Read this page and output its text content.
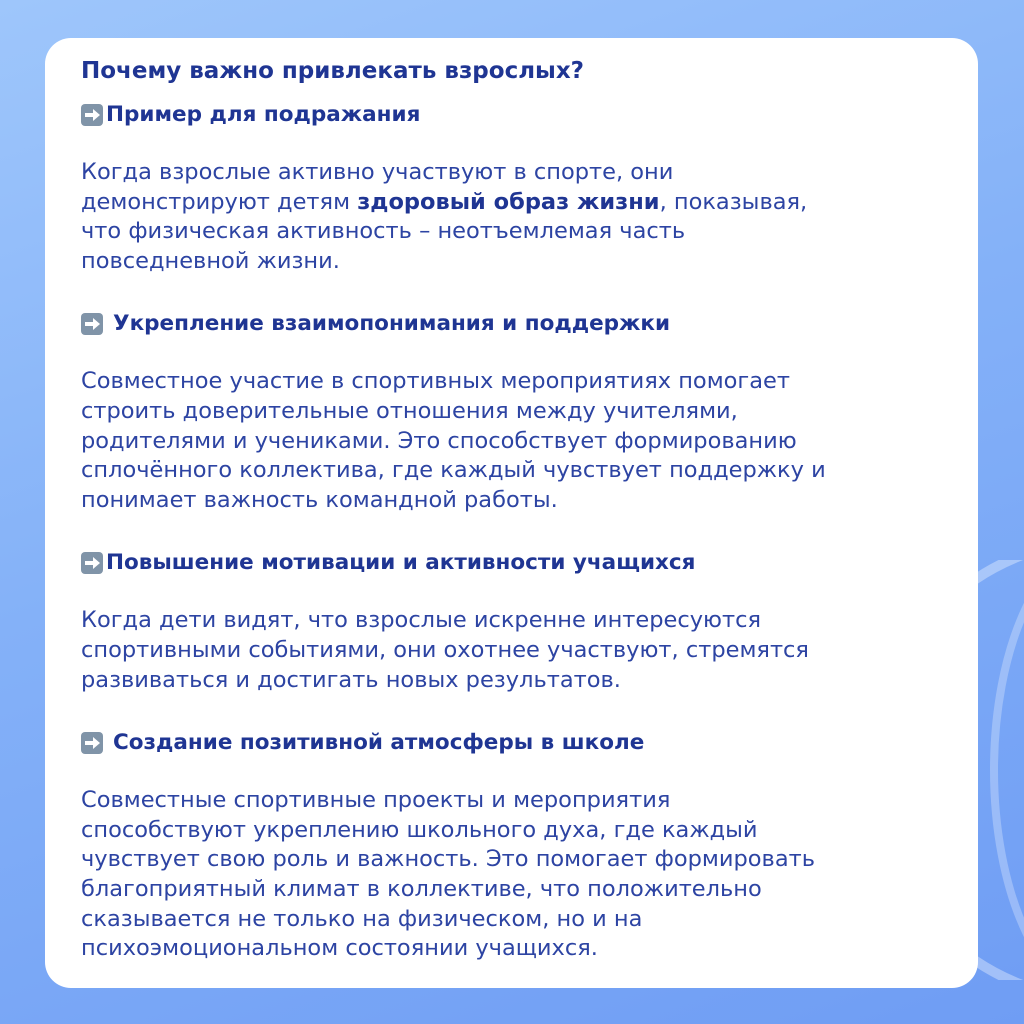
Почему важно привлекать взрослых?
Пример для подражания

Когда взрослые активно участвуют в спорте, они
демонстрируют детям здоровый образ жизни, показывая,
что физическая активность – неотъемлемая часть
повседневной жизни.

Укрепление взаимопонимания и поддержки

Совместное участие в спортивных мероприятиях помогает
строить доверительные отношения между учителями,
родителями и учениками. Это способствует формированию
сплочённого коллектива, где каждый чувствует поддержку и
понимает важность командной работы.

Повышение мотивации и активности учащихся

Когда дети видят, что взрослые искренне интересуются
спортивными событиями, они охотнее участвуют, стремятся
развиваться и достигать новых результатов.

Создание позитивной атмосферы в школе

Совместные спортивные проекты и мероприятия
способствуют укреплению школьного духа, где каждый
чувствует свою роль и важность. Это помогает формировать
благоприятный климат в коллективе, что положительно
сказывается не только на физическом, но и на
психоэмоциональном состоянии учащихся.
